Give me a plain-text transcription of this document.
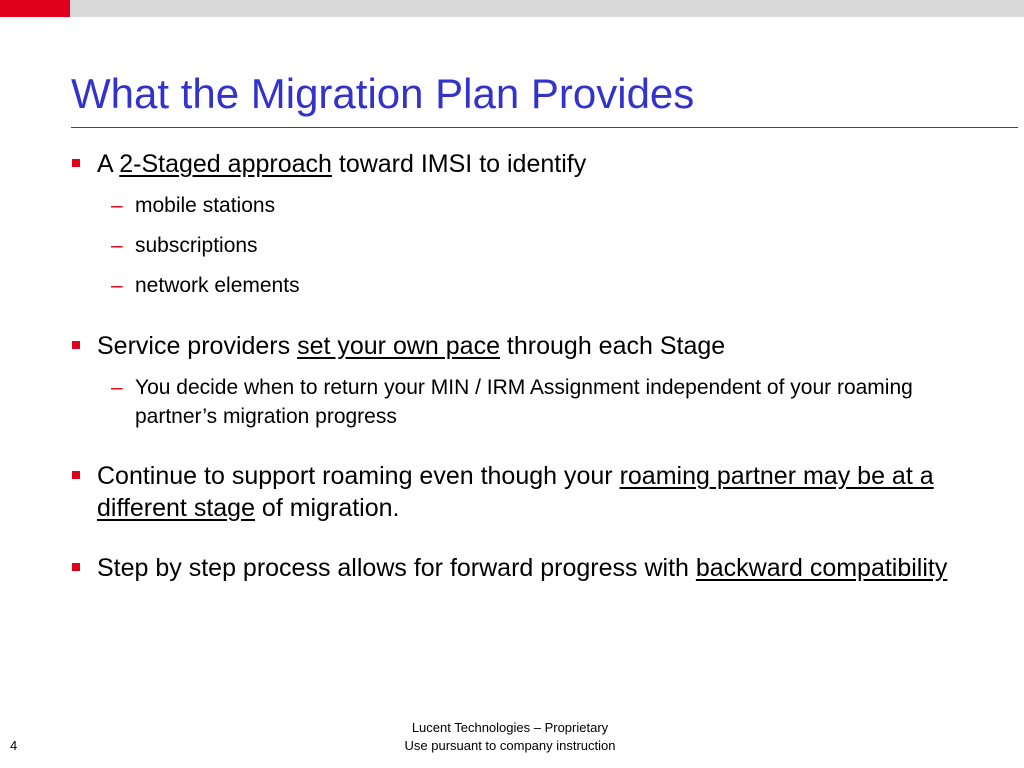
What the Migration Plan Provides
A 2-Staged approach toward IMSI to identify
– mobile stations
– subscriptions
– network elements
Service providers set your own pace through each Stage
– You decide when to return your MIN / IRM Assignment independent of your roaming partner’s migration progress
Continue to support roaming even though your roaming partner may be at a different stage of migration.
Step by step process allows for forward progress with backward compatibility
Lucent Technologies – Proprietary
Use pursuant to company instruction
4
